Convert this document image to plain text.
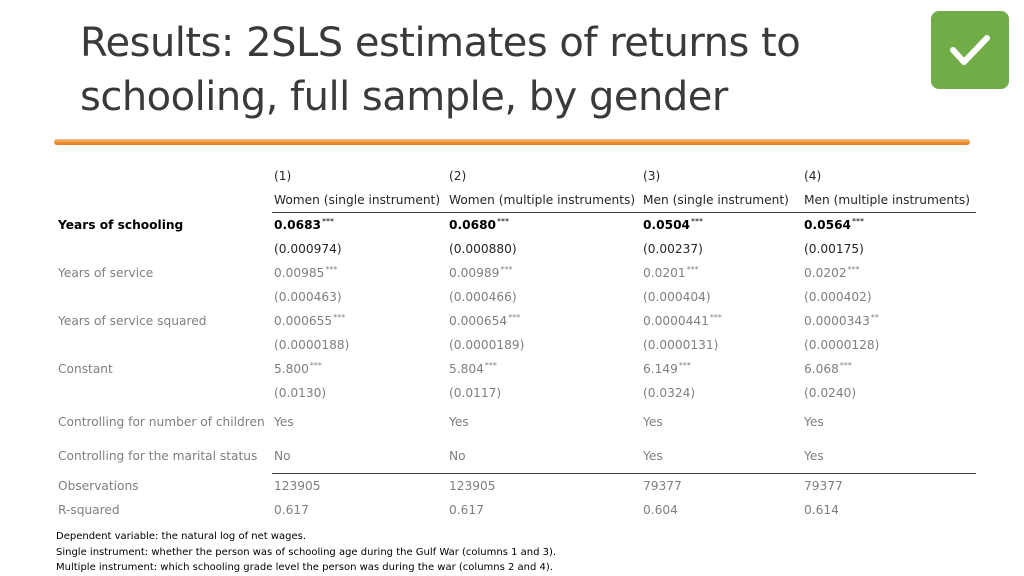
Results: 2SLS estimates of returns to
schooling, full sample, by gender
	(1)	(2)	(3)	(4)
	Women (single instrument)	Women (multiple instruments)	Men (single instrument)	Men (multiple instruments)
Years of schooling	0.0683***	0.0680***	0.0504***	0.0564***
	(0.000974)	(0.000880)	(0.00237)	(0.00175)
Years of service	0.00985***	0.00989***	0.0201***	0.0202***
	(0.000463)	(0.000466)	(0.000404)	(0.000402)
Years of service squared	0.000655***	0.000654***	0.0000441***	0.0000343**
	(0.0000188)	(0.0000189)	(0.0000131)	(0.0000128)
Constant	5.800***	5.804***	6.149***	6.068***
	(0.0130)	(0.0117)	(0.0324)	(0.0240)
Controlling for number of children	Yes	Yes	Yes	Yes
Controlling for the marital status	No	No	Yes	Yes
Observations	123905	123905	79377	79377
R-squared	0.617	0.617	0.604	0.614
Dependent variable: the natural log of net wages.
Single instrument: whether the person was of schooling age during the Gulf War (columns 1 and 3).
Multiple instrument: which schooling grade level the person was during the war (columns 2 and 4).
